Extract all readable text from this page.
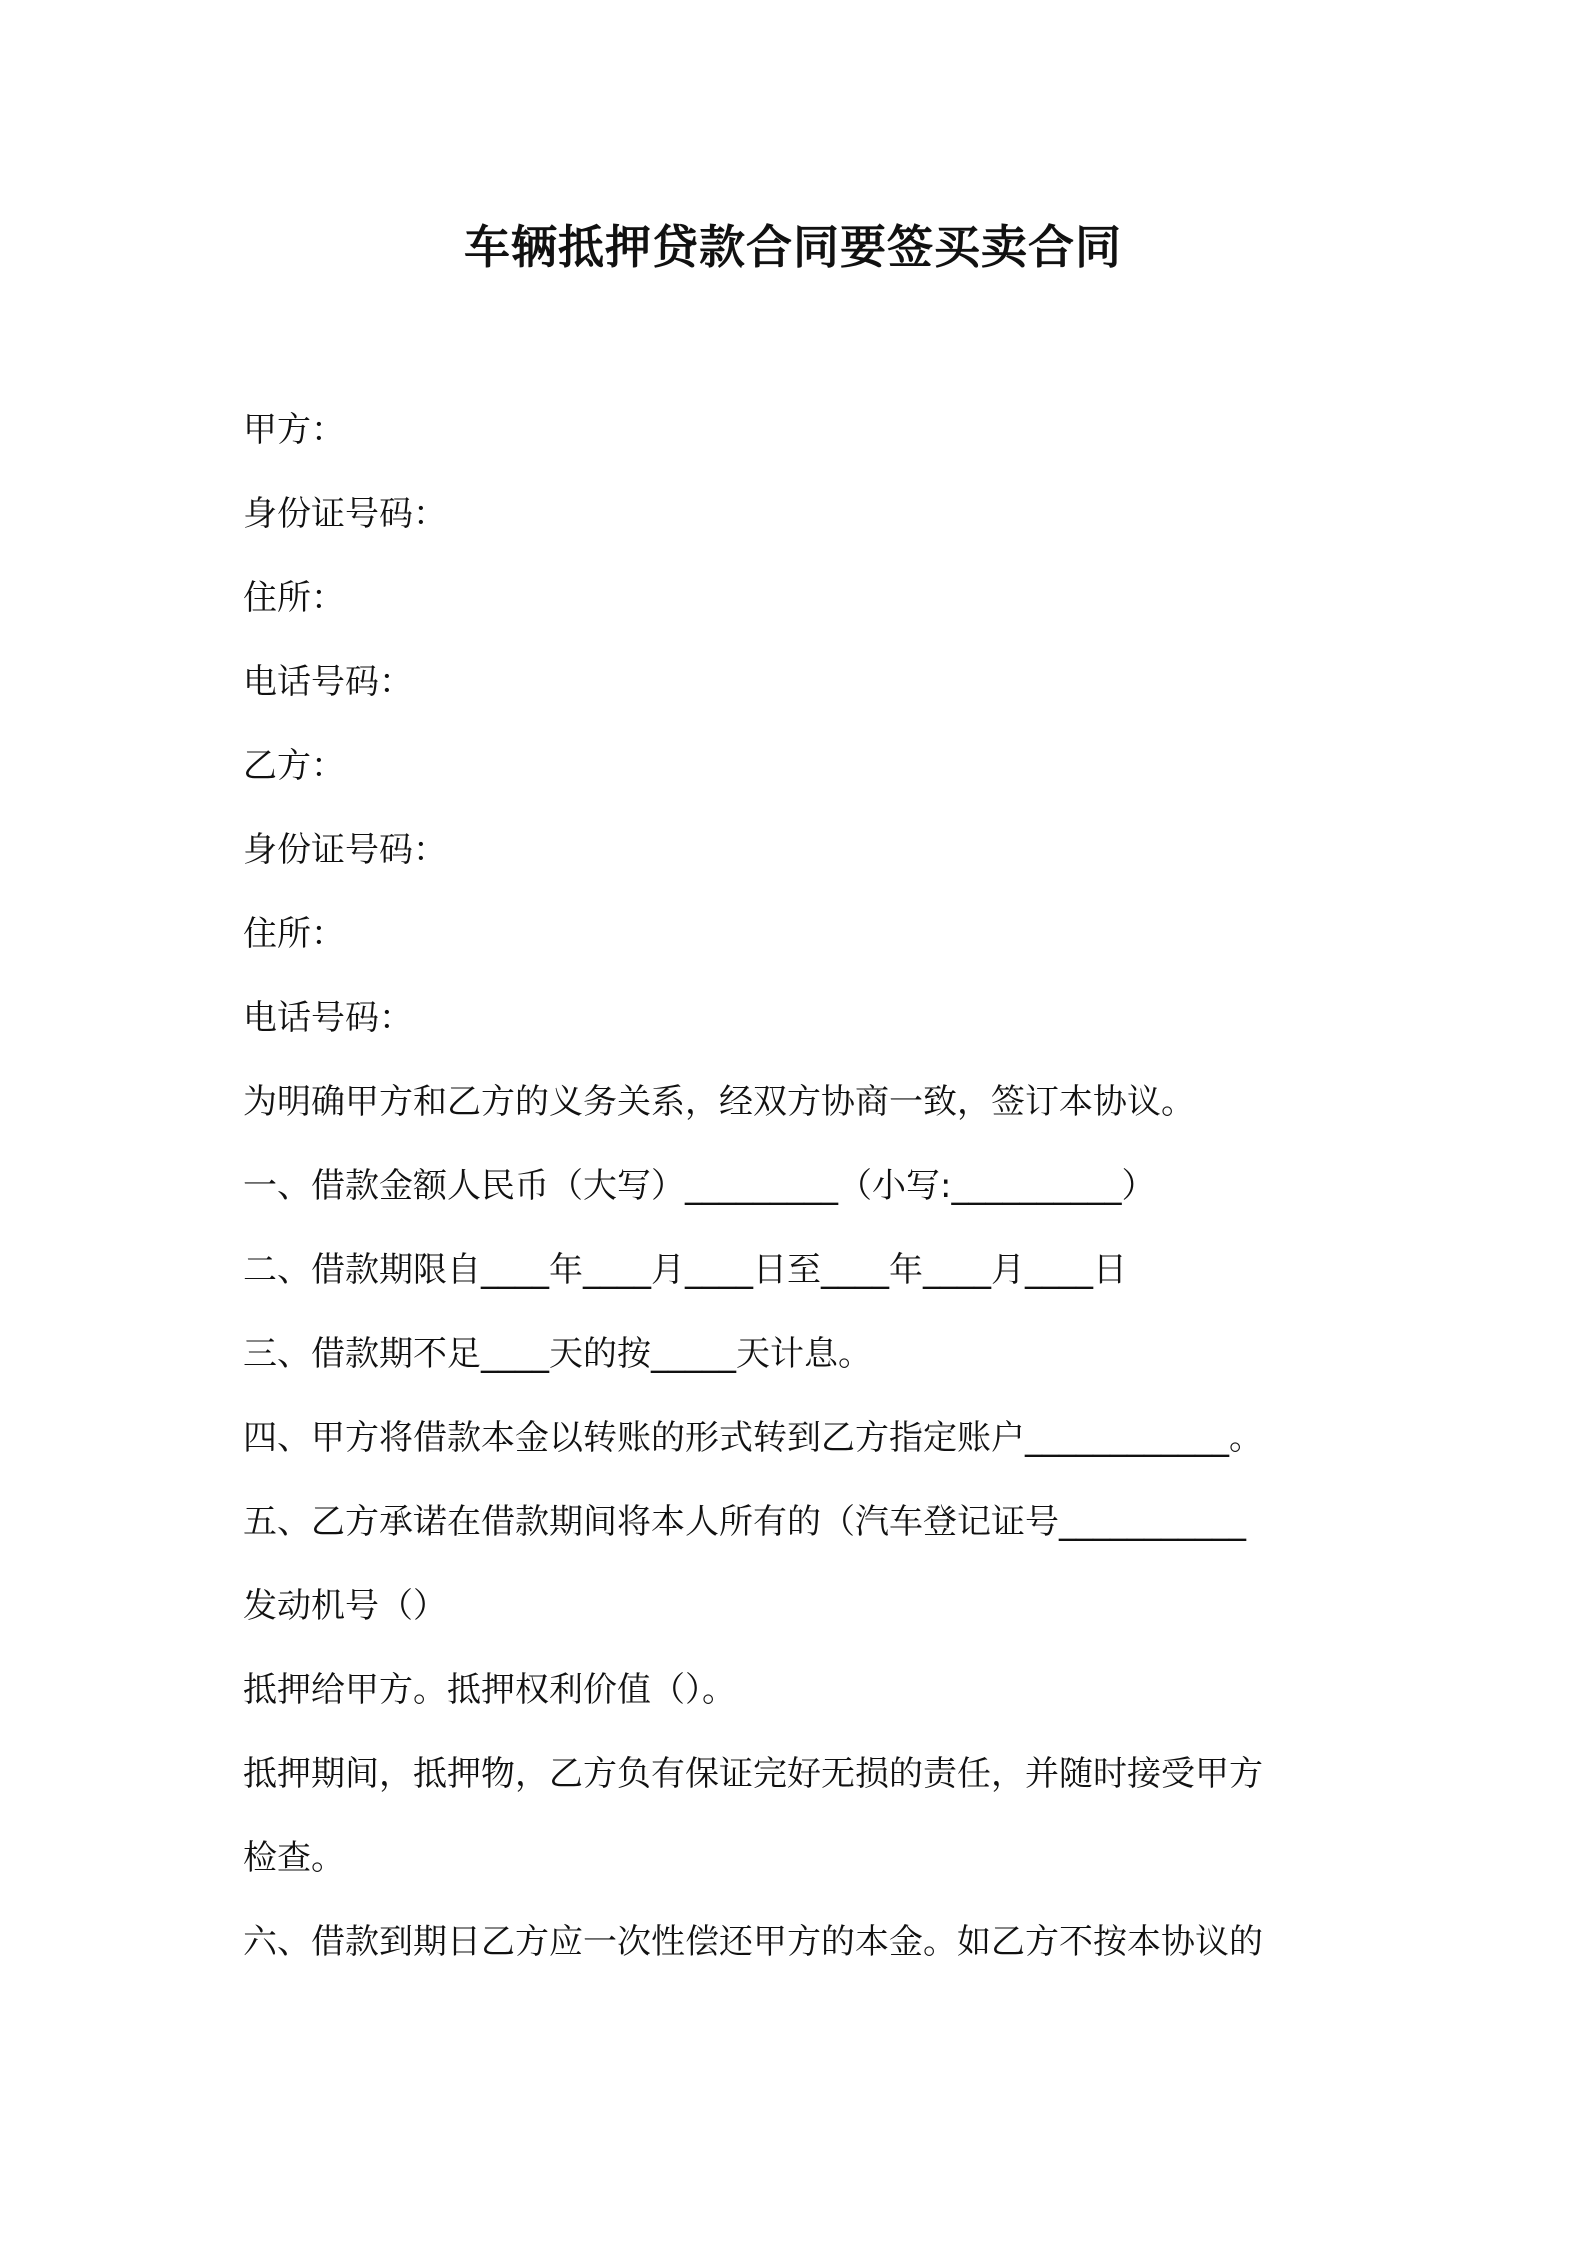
车辆抵押贷款合同要签买卖合同
甲方：
身份证号码：
住所：
电话号码：
乙方：
身份证号码：
住所：
电话号码：
为明确甲方和乙方的义务关系，经双方协商一致，签订本协议。
一、借款金额人民币（大写）_________（小写:__________）
二、借款期限自____年____月____日至____年____月____日
三、借款期不足____天的按_____天计息。
四、甲方将借款本金以转账的形式转到乙方指定账户____________。
五、乙方承诺在借款期间将本人所有的（汽车登记证号___________
发动机号（）
抵押给甲方。抵押权利价值（）。
抵押期间，抵押物，乙方负有保证完好无损的责任，并随时接受甲方
检查。
六、借款到期日乙方应一次性偿还甲方的本金。如乙方不按本协议的
